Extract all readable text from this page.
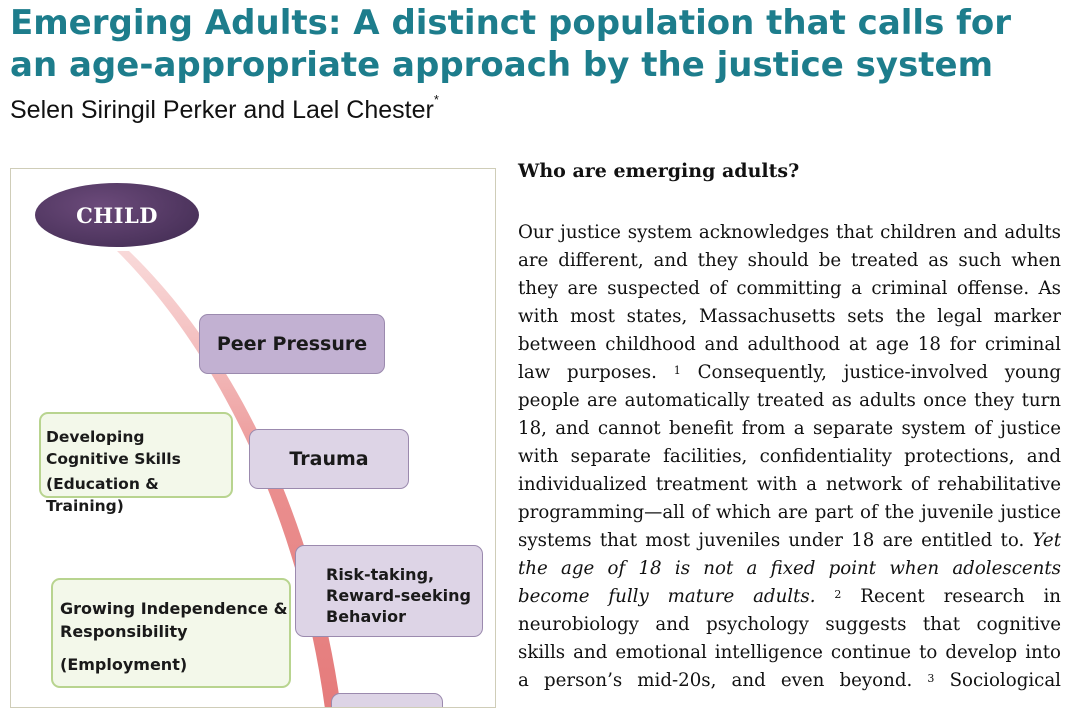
Emerging Adults: A distinct population that calls for
an age-appropriate approach by the justice system

Selen Siringil Perker and Lael Chester*

CHILD
Peer Pressure
Trauma
Risk-taking,
Reward-seeking
Behavior
Developing
Cognitive Skills
(Education & Training)
Growing Independence &
Responsibility
(Employment)
Who are emerging adults?

Our justice system acknowledges that children and adults
are different, and they should be treated as such when
they are suspected of committing a criminal offense. As
with most states, Massachusetts sets the legal marker
between childhood and adulthood at age 18 for criminal
law purposes. $^1$ Consequently, justice-involved young
people are automatically treated as adults once they turn
18, and cannot benefit from a separate system of justice
with separate facilities, confidentiality protections, and
individualized treatment with a network of rehabilitative
programming—all of which are part of the juvenile justice
systems that most juveniles under 18 are entitled to. Yet
the age of 18 is not a fixed point when adolescents
become fully mature adults. $^2$ Recent research in
neurobiology and psychology suggests that cognitive
skills and emotional intelligence continue to develop into
a person’s mid-20s, and even beyond. $^3$ Sociological
